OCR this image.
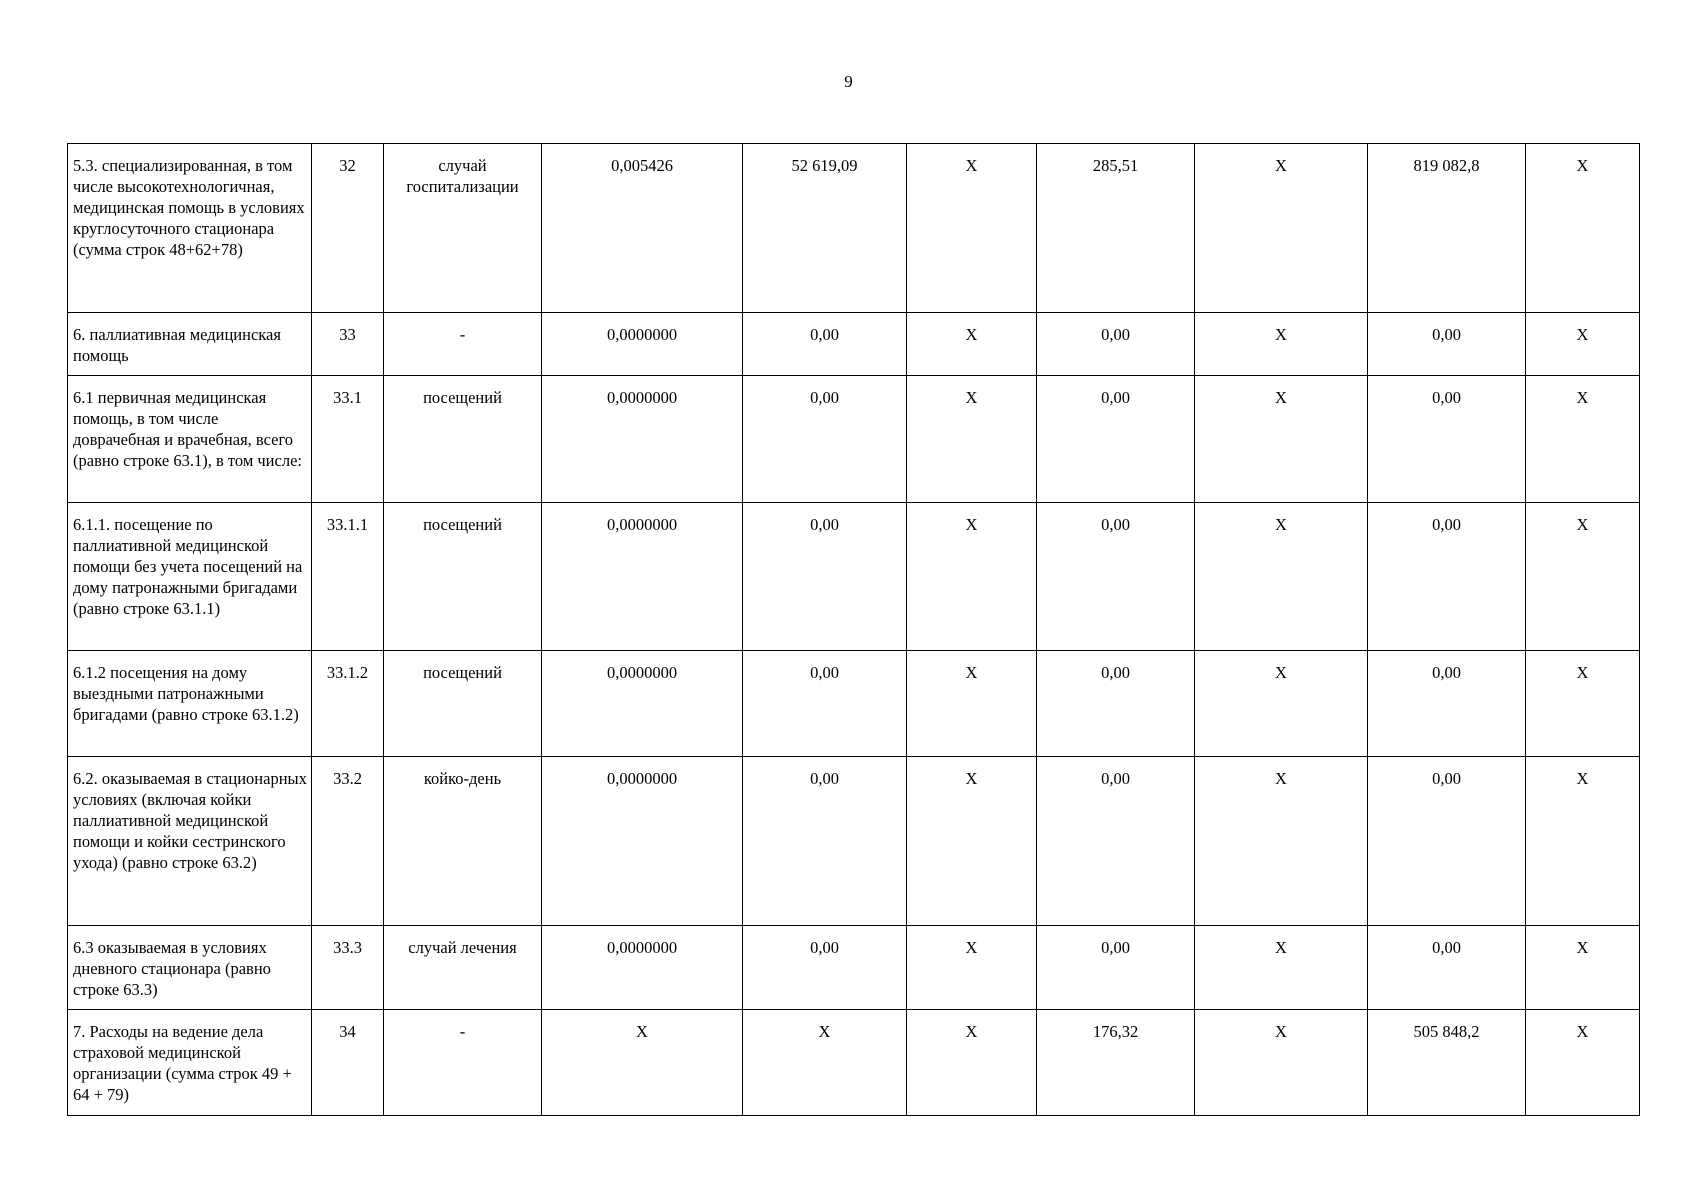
9
5.3. специализированная, в том числе высокотехнологичная, медицинская помощь в условиях круглосуточного стационара (сумма строк 48+62+78)	32	случай госпитализации	0,005426	52 619,09	Х	285,51	Х	819 082,8	Х
6. паллиативная медицинская помощь	33	-	0,0000000	0,00	Х	0,00	Х	0,00	Х
6.1 первичная медицинская помощь, в том числе доврачебная и врачебная, всего (равно строке 63.1), в том числе:	33.1	посещений	0,0000000	0,00	Х	0,00	Х	0,00	Х
6.1.1. посещение по паллиативной медицинской помощи без учета посещений на дому патронажными бригадами (равно строке 63.1.1)	33.1.1	посещений	0,0000000	0,00	Х	0,00	Х	0,00	Х
6.1.2 посещения на дому выездными патронажными бригадами (равно строке 63.1.2)	33.1.2	посещений	0,0000000	0,00	Х	0,00	Х	0,00	Х
6.2. оказываемая в стационарных условиях (включая койки паллиативной медицинской помощи и койки сестринского ухода) (равно строке 63.2)	33.2	койко-день	0,0000000	0,00	Х	0,00	Х	0,00	Х
6.3 оказываемая в условиях дневного стационара (равно строке 63.3)	33.3	случай лечения	0,0000000	0,00	Х	0,00	Х	0,00	Х
7. Расходы на ведение дела страховой медицинской организации (сумма строк 49 + 64 + 79)	34	-	Х	Х	Х	176,32	Х	505 848,2	Х
